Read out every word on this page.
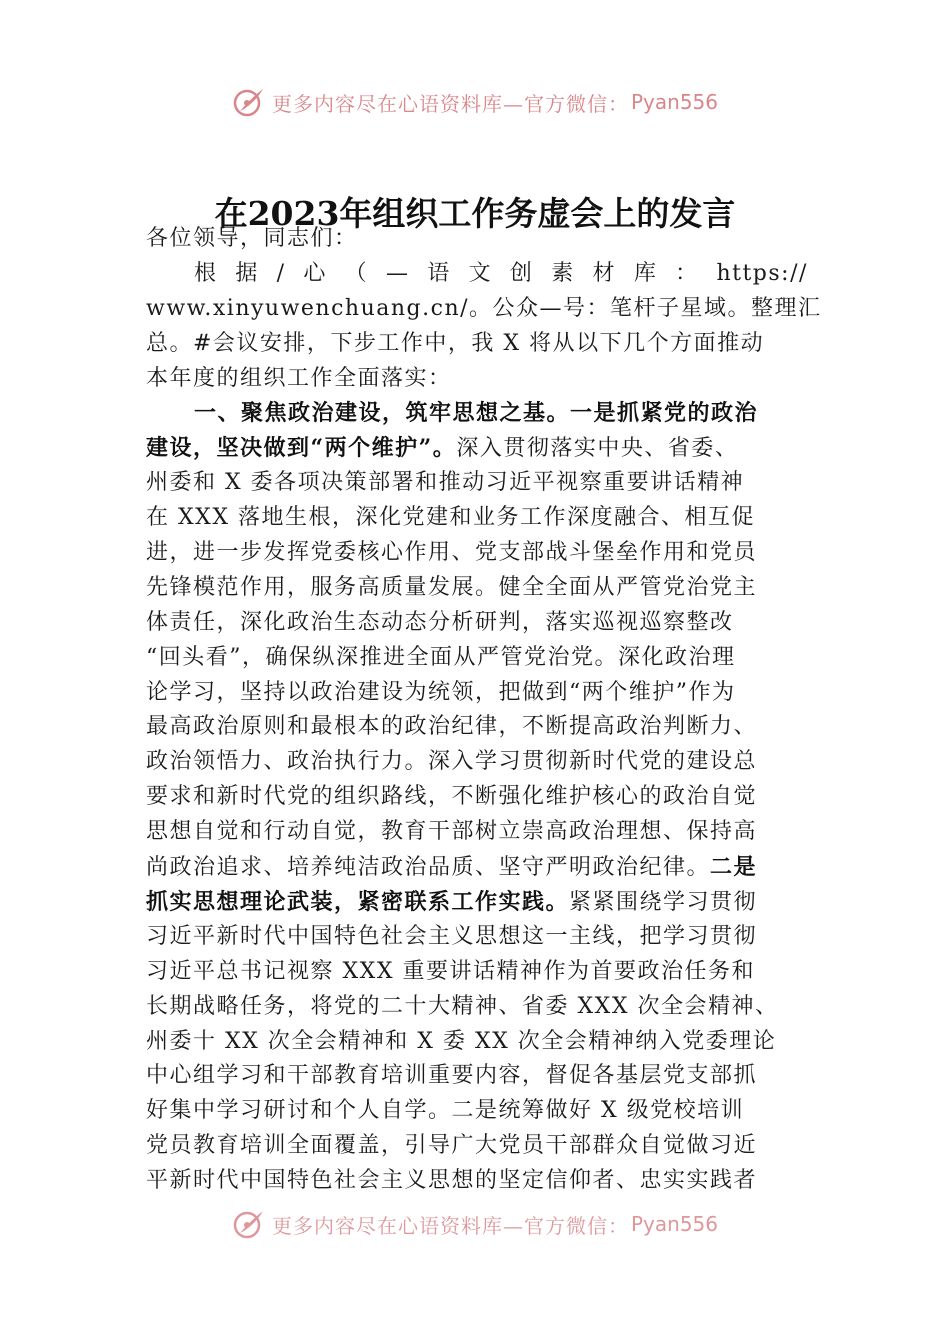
更多内容尽在心语资料库—官方微信： Pyan556
在2023年组织工作务虚会上的发言
各位领导，同志们：
根 据 / 心 （ — 语 文 创 素 材 库 ： https://
www.xinyuwenchuang.cn/。公众—号：笔杆子星域。整理汇
总。#会议安排，下步工作中，我 X 将从以下几个方面推动
本年度的组织工作全面落实：
一、聚焦政治建设，筑牢思想之基。一是抓紧党的政治
建设，坚决做到“两个维护”。深入贯彻落实中央、省委、
州委和 X 委各项决策部署和推动习近平视察重要讲话精神
在 XXX 落地生根，深化党建和业务工作深度融合、相互促
进，进一步发挥党委核心作用、党支部战斗堡垒作用和党员
先锋模范作用，服务高质量发展。健全全面从严管党治党主
体责任，深化政治生态动态分析研判，落实巡视巡察整改
“回头看”，确保纵深推进全面从严管党治党。深化政治理
论学习，坚持以政治建设为统领，把做到“两个维护”作为
最高政治原则和最根本的政治纪律，不断提高政治判断力、
政治领悟力、政治执行力。深入学习贯彻新时代党的建设总
要求和新时代党的组织路线，不断强化维护核心的政治自觉
思想自觉和行动自觉，教育干部树立崇高政治理想、保持高
尚政治追求、培养纯洁政治品质、坚守严明政治纪律。二是
抓实思想理论武装，紧密联系工作实践。紧紧围绕学习贯彻
习近平新时代中国特色社会主义思想这一主线，把学习贯彻
习近平总书记视察 XXX 重要讲话精神作为首要政治任务和
长期战略任务，将党的二十大精神、省委 XXX 次全会精神、
州委十 XX 次全会精神和 X 委 XX 次全会精神纳入党委理论
中心组学习和干部教育培训重要内容，督促各基层党支部抓
好集中学习研讨和个人自学。二是统筹做好 X 级党校培训
党员教育培训全面覆盖，引导广大党员干部群众自觉做习近
平新时代中国特色社会主义思想的坚定信仰者、忠实实践者
更多内容尽在心语资料库—官方微信： Pyan556
